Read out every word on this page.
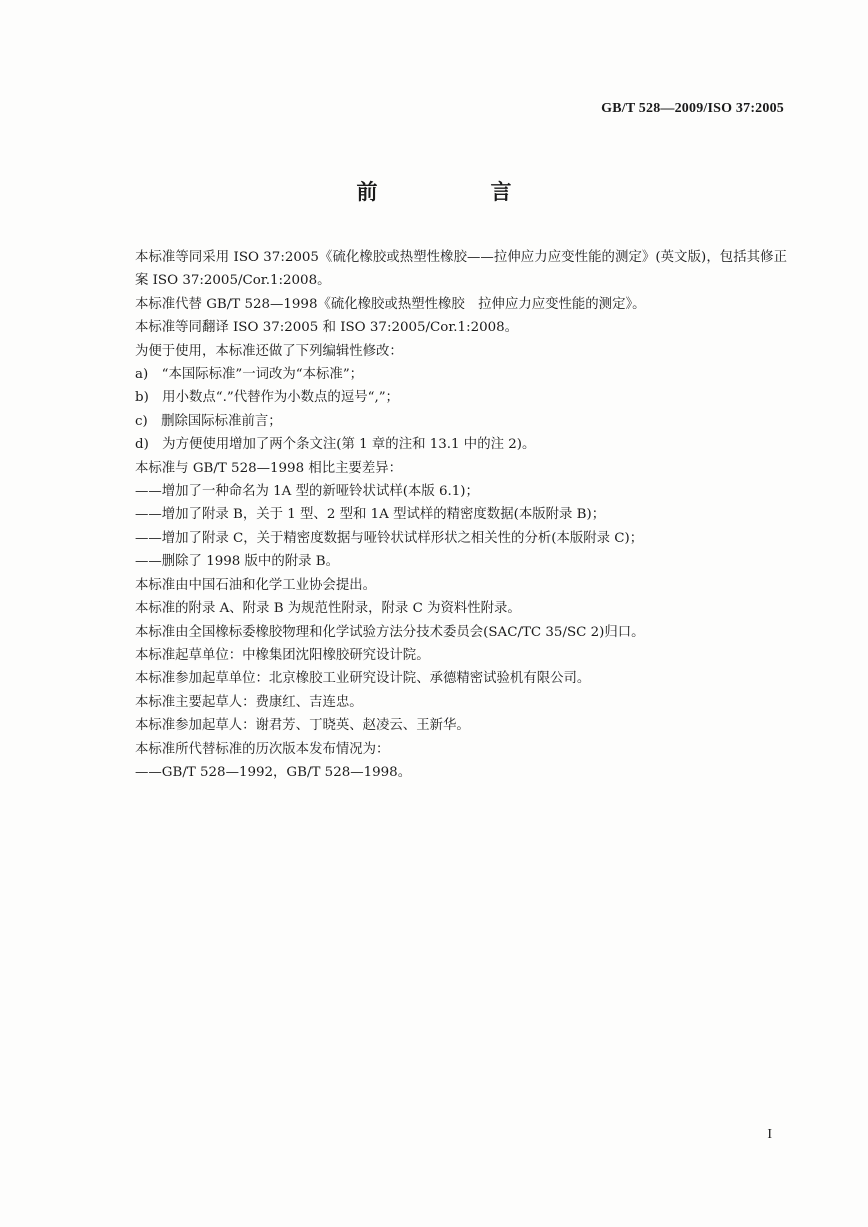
GB/T 528—2009/ISO 37:2005
前　言

本标准等同采用 ISO 37:2005《硫化橡胶或热塑性橡胶——拉伸应力应变性能的测定》(英文版)，包括其修正案 ISO 37:2005/Cor.1:2008。

本标准代替 GB/T 528—1998《硫化橡胶或热塑性橡胶　拉伸应力应变性能的测定》。

本标准等同翻译 ISO 37:2005 和 ISO 37:2005/Cor.1:2008。

为便于使用，本标准还做了下列编辑性修改：

a)　“本国际标准”一词改为“本标准”；

b)　用小数点“.”代替作为小数点的逗号“,”；

c)　删除国际标准前言；

d)　为方便使用增加了两个条文注(第 1 章的注和 13.1 中的注 2)。

本标准与 GB/T 528—1998 相比主要差异：

——增加了一种命名为 1A 型的新哑铃状试样(本版 6.1)；

——增加了附录 B，关于 1 型、2 型和 1A 型试样的精密度数据(本版附录 B)；

——增加了附录 C，关于精密度数据与哑铃状试样形状之相关性的分析(本版附录 C)；

——删除了 1998 版中的附录 B。

本标准由中国石油和化学工业协会提出。

本标准的附录 A、附录 B 为规范性附录，附录 C 为资料性附录。

本标准由全国橡标委橡胶物理和化学试验方法分技术委员会(SAC/TC 35/SC 2)归口。

本标准起草单位：中橡集团沈阳橡胶研究设计院。

本标准参加起草单位：北京橡胶工业研究设计院、承德精密试验机有限公司。

本标准主要起草人：费康红、吉连忠。

本标准参加起草人：谢君芳、丁晓英、赵凌云、王新华。

本标准所代替标准的历次版本发布情况为：

——GB/T 528—1992，GB/T 528—1998。

I
